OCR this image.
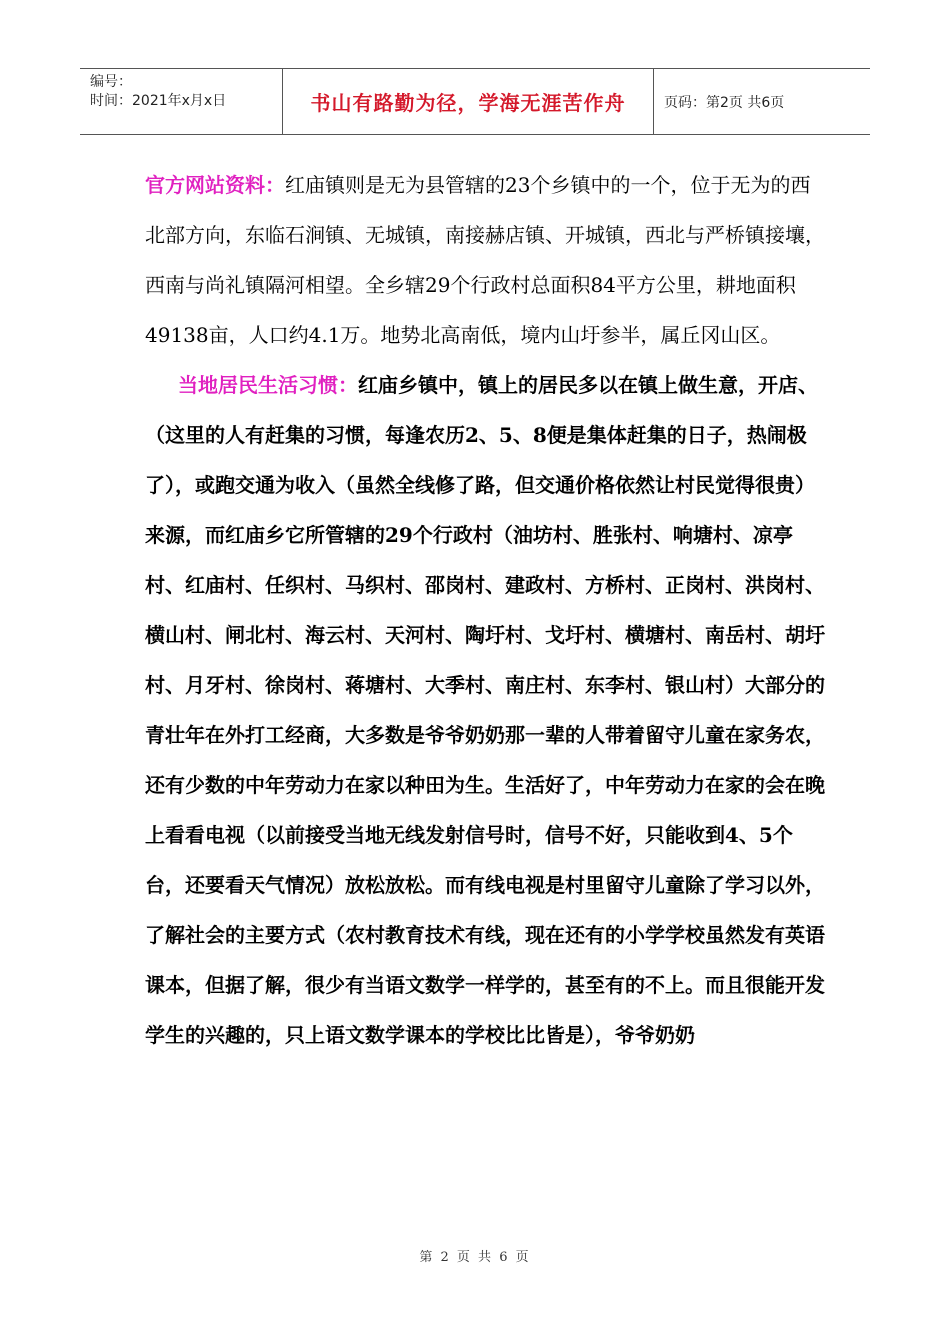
编号：
时间：2021年x月x日	书山有路勤为径，学海无涯苦作舟	页码：第2页 共6页

官方网站资料：红庙镇则是无为县管辖的23个乡镇中的一个，位于无为的西北部方向，东临石涧镇、无城镇，南接赫店镇、开城镇，西北与严桥镇接壤，西南与尚礼镇隔河相望。全乡辖29个行政村总面积84平方公里，耕地面积49138亩，人口约4.1万。地势北高南低，境内山圩参半，属丘冈山区。

当地居民生活习惯：红庙乡镇中，镇上的居民多以在镇上做生意，开店、（这里的人有赶集的习惯，每逢农历2、5、8便是集体赶集的日子，热闹极了），或跑交通为收入（虽然全线修了路，但交通价格依然让村民觉得很贵）来源，而红庙乡它所管辖的29个行政村（油坊村、胜张村、响塘村、凉亭村、红庙村、任织村、马织村、邵岗村、建政村、方桥村、正岗村、洪岗村、横山村、闸北村、海云村、天河村、陶圩村、戈圩村、横塘村、南岳村、胡圩村、月牙村、徐岗村、蒋塘村、大季村、南庄村、东李村、银山村）大部分的青壮年在外打工经商，大多数是爷爷奶奶那一辈的人带着留守儿童在家务农，还有少数的中年劳动力在家以种田为生。生活好了，中年劳动力在家的会在晚上看看电视（以前接受当地无线发射信号时，信号不好，只能收到4、5个台，还要看天气情况）放松放松。而有线电视是村里留守儿童除了学习以外，了解社会的主要方式（农村教育技术有线，现在还有的小学学校虽然发有英语课本，但据了解，很少有当语文数学一样学的，甚至有的不上。而且很能开发学生的兴趣的，只上语文数学课本的学校比比皆是），爷爷奶奶

第 2 页 共 6 页
